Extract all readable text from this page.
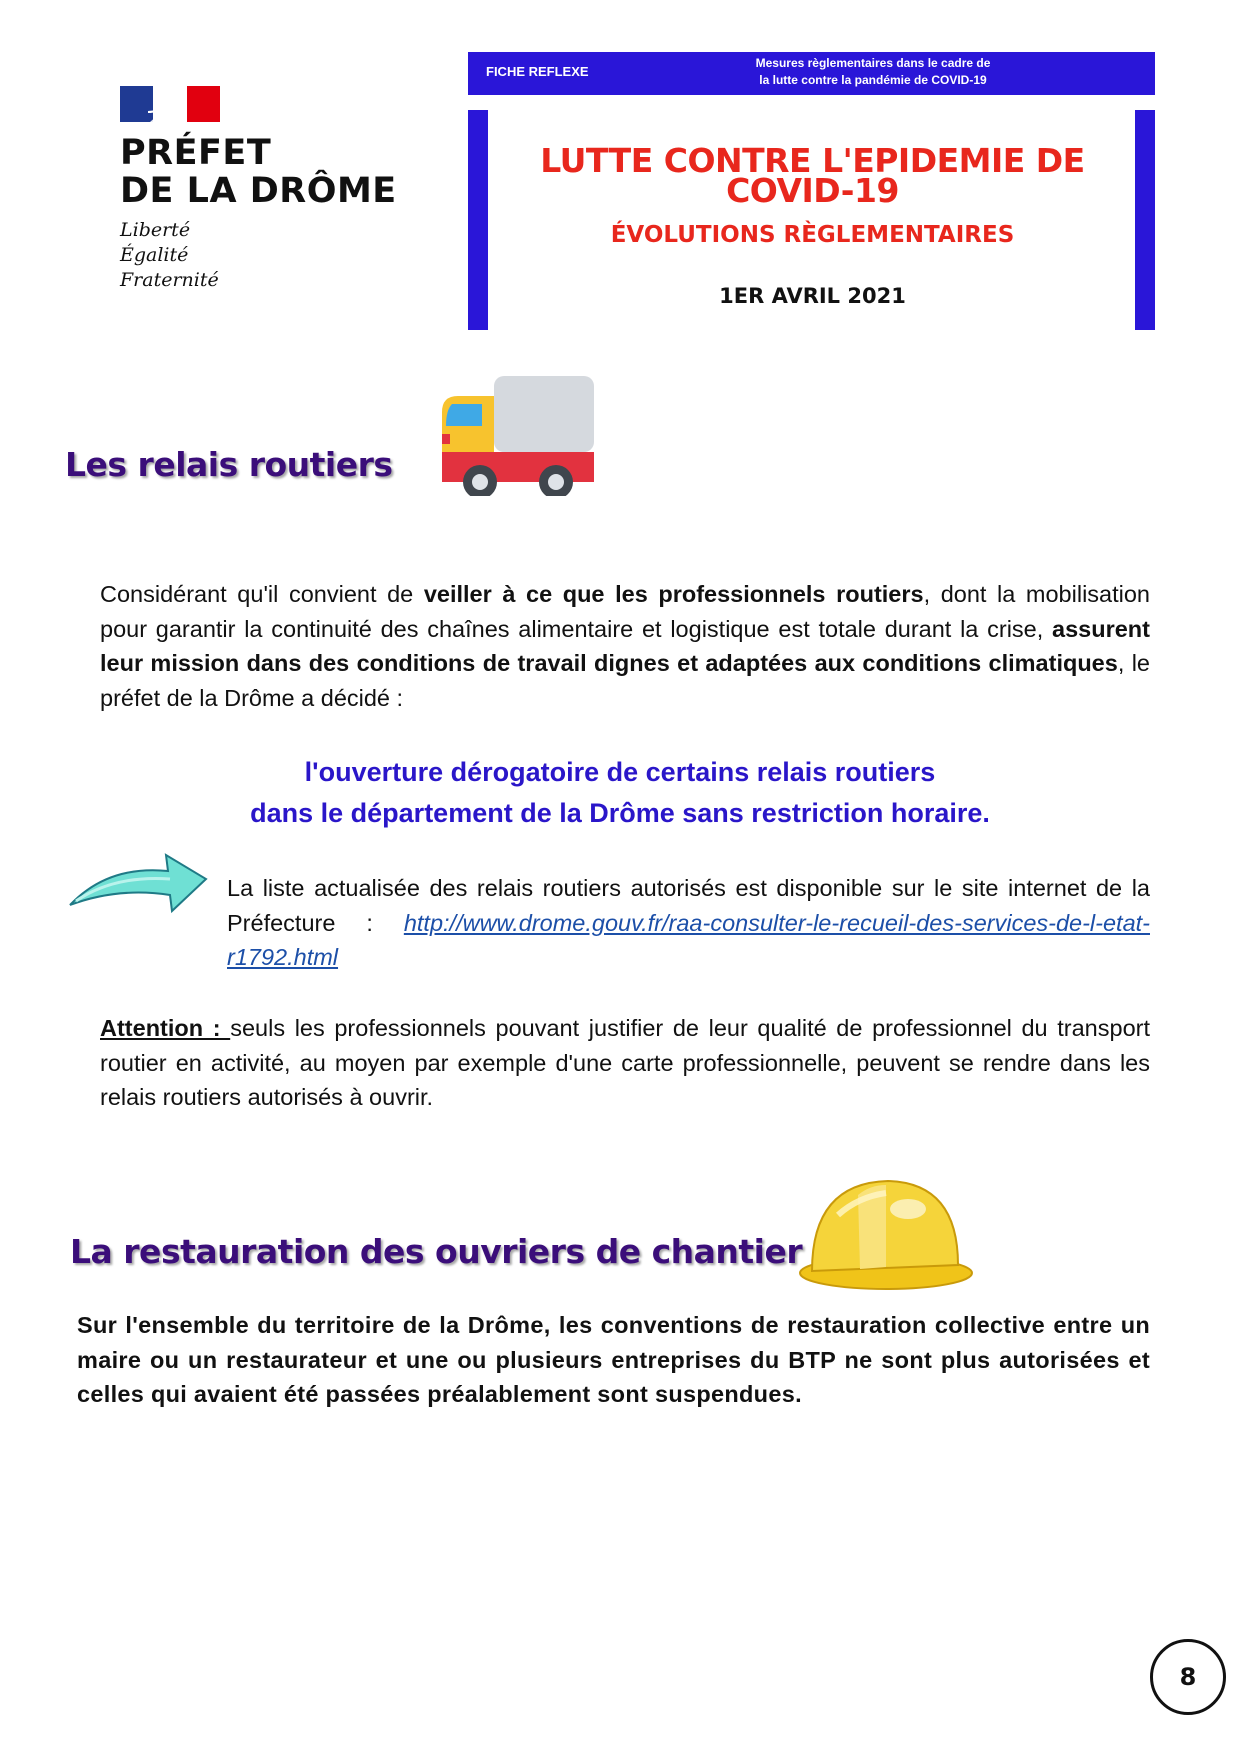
PRÉFET
DE LA DRÔME
Liberté
Égalité
Fraternité
FICHE REFLEXE
Mesures règlementaires dans le cadre de
la lutte contre la pandémie de COVID-19
LUTTE CONTRE L'EPIDEMIE DE
COVID-19
ÉVOLUTIONS RÈGLEMENTAIRES
1ER AVRIL 2021
Les relais routiers
Considérant qu'il convient de veiller à ce que les professionnels routiers, dont la mobilisation pour garantir la continuité des chaînes alimentaire et logistique est totale durant la crise, assurent leur mission dans des conditions de travail dignes et adaptées aux conditions climatiques, le préfet de la Drôme a décidé :
l'ouverture dérogatoire de certains relais routiers
dans le département de la Drôme sans restriction horaire.
La liste actualisée des relais routiers autorisés est disponible sur le site internet de la Préfecture : http://www.drome.gouv.fr/raa-consulter-le-recueil-des-services-de-l-etat-r1792.html
Attention : seuls les professionnels pouvant justifier de leur qualité de professionnel du transport routier en activité, au moyen par exemple d'une carte professionnelle, peuvent se rendre dans les relais routiers autorisés à ouvrir.
La restauration des ouvriers de chantier
Sur l'ensemble du territoire de la Drôme, les conventions de restauration collective entre un maire ou un restaurateur et une ou plusieurs entreprises du BTP ne sont plus autorisées et celles qui avaient été passées préalablement sont suspendues.
8
